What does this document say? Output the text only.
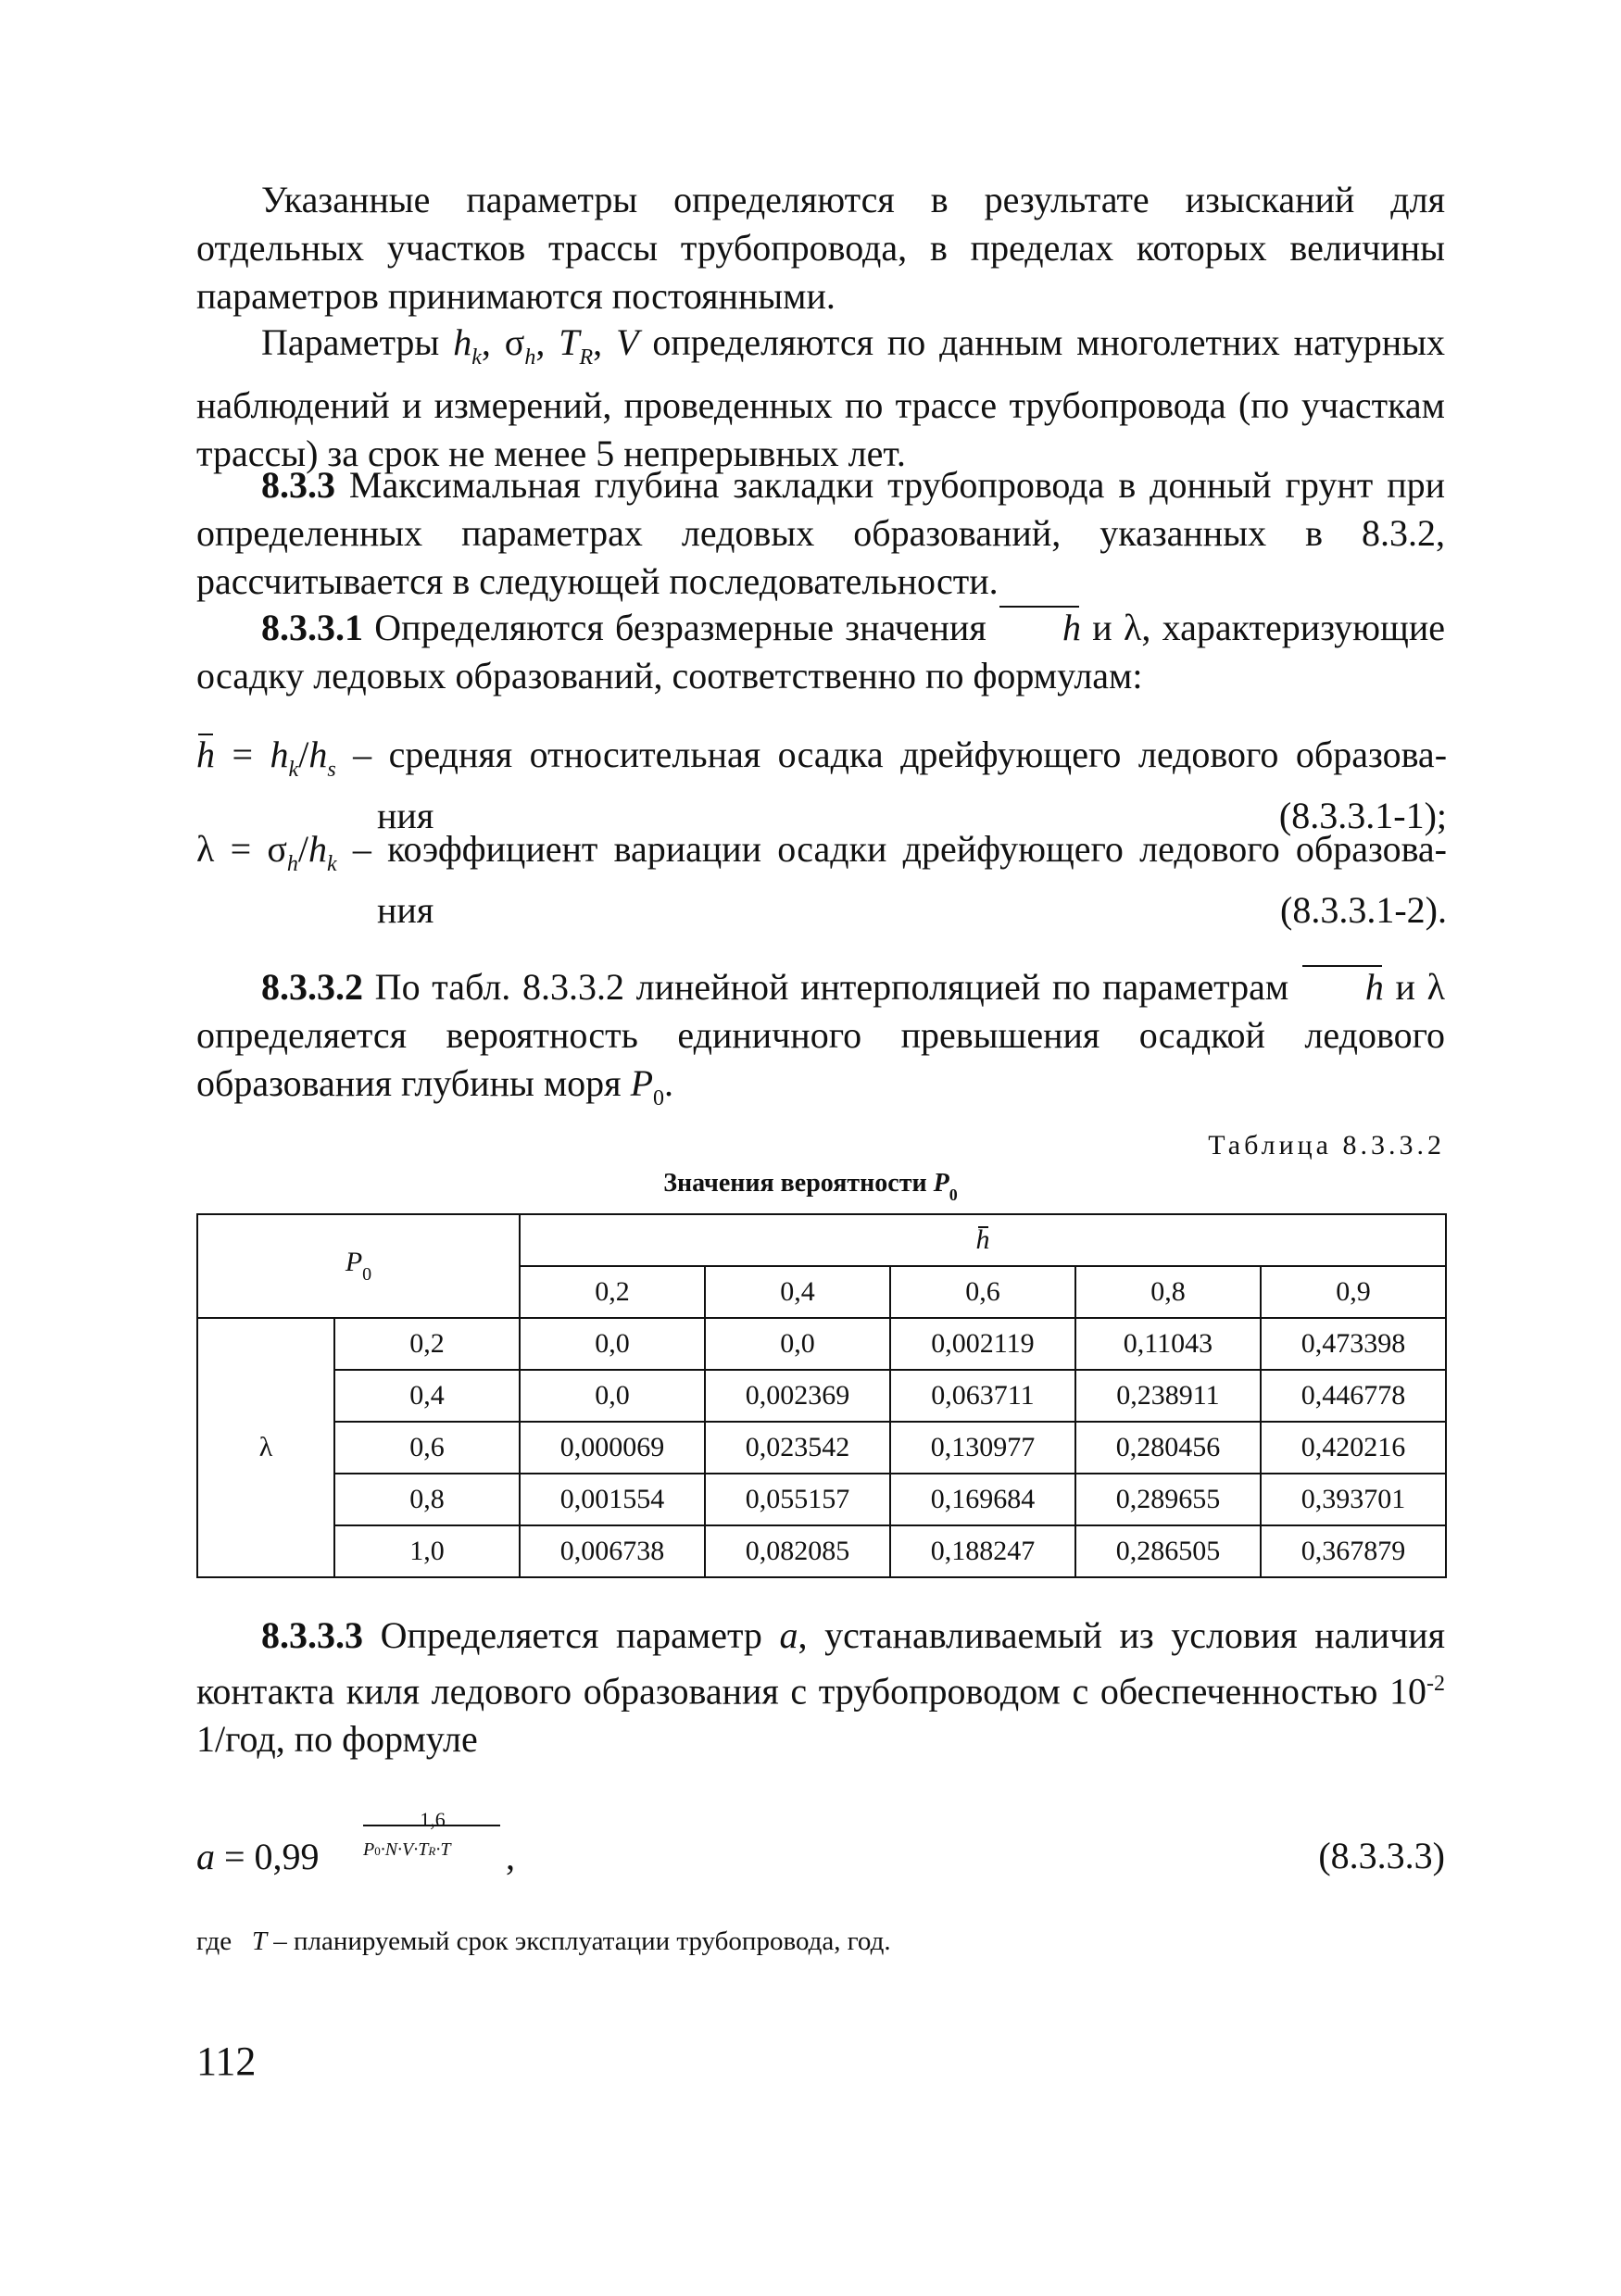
Указанные параметры определяются в результате изысканий для отдельных участков трассы трубопровода, в пределах которых величины параметров принимаются постоянными.

Параметры $h_k$, $\sigma_h$, $T_R$, V определяются по данным многолетних натурных наблюдений и измерений, проведенных по трассе трубопровода (по участкам трассы) за срок не менее 5 непрерывных лет.

8.3.3 Максимальная глубина закладки трубопровода в донный грунт при определенных параметрах ледовых образований, указанных в 8.3.2, рассчитывается в следующей последовательности.

8.3.3.1 Определяются безразмерные значения h и λ, характеризующие осадку ледовых образований, соответственно по формулам:

$h = h_k/h_s$ – средняя относительная осадка дрейфующего ледового образова-
ния	(8.3.3.1-1);
$\lambda = \sigma_h/h_k$ – коэффициент вариации осадки дрейфующего ледового образова-
ния	(8.3.3.1-2).

8.3.3.2 По табл. 8.3.3.2 линейной интерполяцией по параметрам h и λ определяется вероятность единичного превышения осадкой ледового образования глубины моря $P_0$.

Таблица 8.3.3.2
Значения вероятности $P_0$
$P_0$		h				
		0,2	0,4	0,6	0,8	0,9
λ	0,2	0,0	0,0	0,002119	0,11043	0,473398
	0,4	0,0	0,002369	0,063711	0,238911	0,446778
	0,6	0,000069	0,023542	0,130977	0,280456	0,420216
	0,8	0,001554	0,055157	0,169684	0,289655	0,393701
	1,0	0,006738	0,082085	0,188247	0,286505	0,367879

8.3.3.3 Определяется параметр a, устанавливаемый из условия наличия контакта киля ледового образования с трубопроводом с обеспеченностью $10^{-2}$ 1/год, по формуле

a = 0,99
1,6
P0·N·V·TR·T ,	(8.3.3.3)
где T – планируемый срок эксплуатации трубопровода, год.
112
